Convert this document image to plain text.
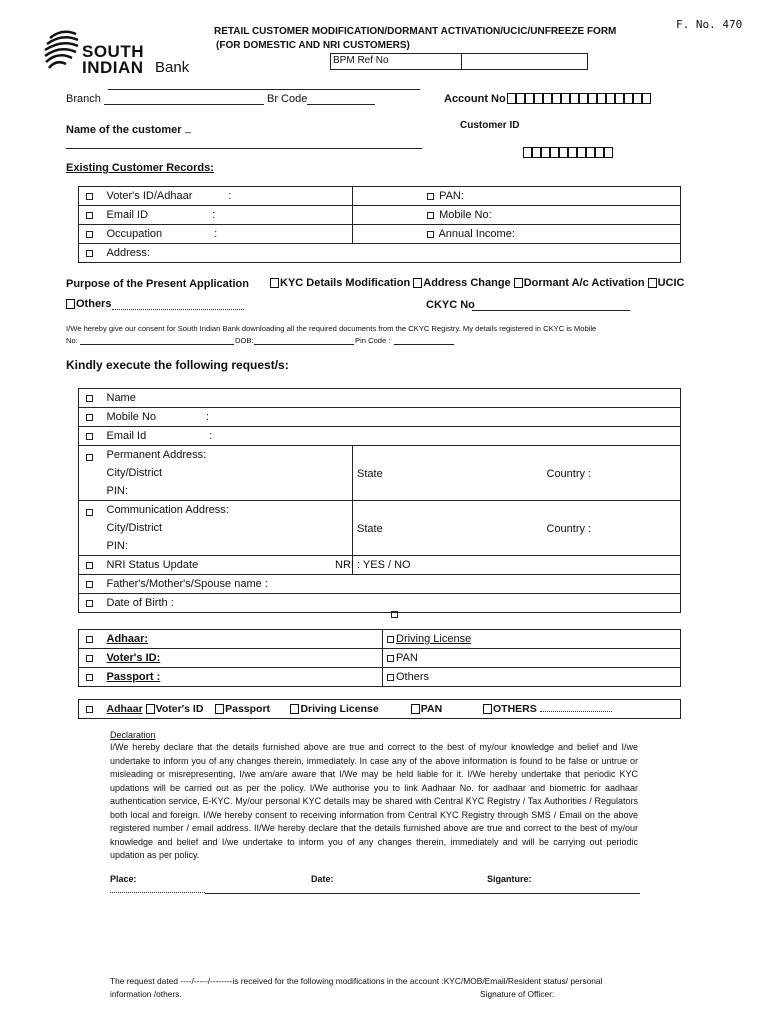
F. No. 470
SOUTH
INDIAN Bank
RETAIL CUSTOMER MODIFICATION/DORMANT ACTIVATION/UCIC/UNFREEZE FORM
(FOR DOMESTIC AND NRI CUSTOMERS)
BPM Ref No
Branch	Br Code	Account No
Name of the customer _	Customer ID
Existing Customer Records:
	Voter's ID/Adhaar :	PAN:
	Email ID :	Mobile No:
	Occupation :	Annual Income:
	Address:	
Purpose of the Present Application	KYC Details Modification Address Change Dormant A/c Activation UCIC
Others	CKYC No
I/We hereby give our consent for South Indian Bank downloading all the required documents from the CKYC Registry. My details registered in CKYC is Mobile
No:	DOB:	Pin Code :
Kindly execute the following request/s:
	Name		
	Mobile No :		
	Email Id :		

	Permanent Address:
City/District
PIN:	State	Country :

	Communication Address:
City/District
PIN:	State	Country :
	NRI Status Update	NRI : YES / NO	
	Father's/Mother's/Spouse name :		
	Date of Birth :		
	Adhaar:	Driving License
	Voter's ID:	PAN
	Passport :	Others
	Adhaar Voter's ID Passport	Driving License	PAN	OTHERS
Declaration
I/We hereby declare that the details furnished above are true and correct to the best of my/our knowledge and belief and I/we undertake to inform you of any changes therein, immediately. In case any of the above information is found to be false or untrue or misleading or misrepresenting, I/we am/are aware that I/We may be held liable for it. I/We hereby undertake that periodic KYC updations will be carried out as per the policy. I/We authorise you to link Aadhaar No. for aadhaar and biometric for aadhaar authentication service, E-KYC. My/our personal KYC details may be shared with Central KYC Registry / Tax Authorities / Regulators both local and foreign. I/We hereby consent to receiving information from Central KYC Registry through SMS / Email on the above registered number / email address. II/We hereby declare that the details furnished above are true and correct to the best of my/our knowledge and belief and I/we undertake to inform you of any changes therein, immediately and will be carrying out periodic updation as per policy.
Place:	Date:	Siganture:
The request dated ----/-----/--------is received for the following modifications in the account :KYC/MOB/Email/Resident status/ personal
information /others.	Signature of Officer:
